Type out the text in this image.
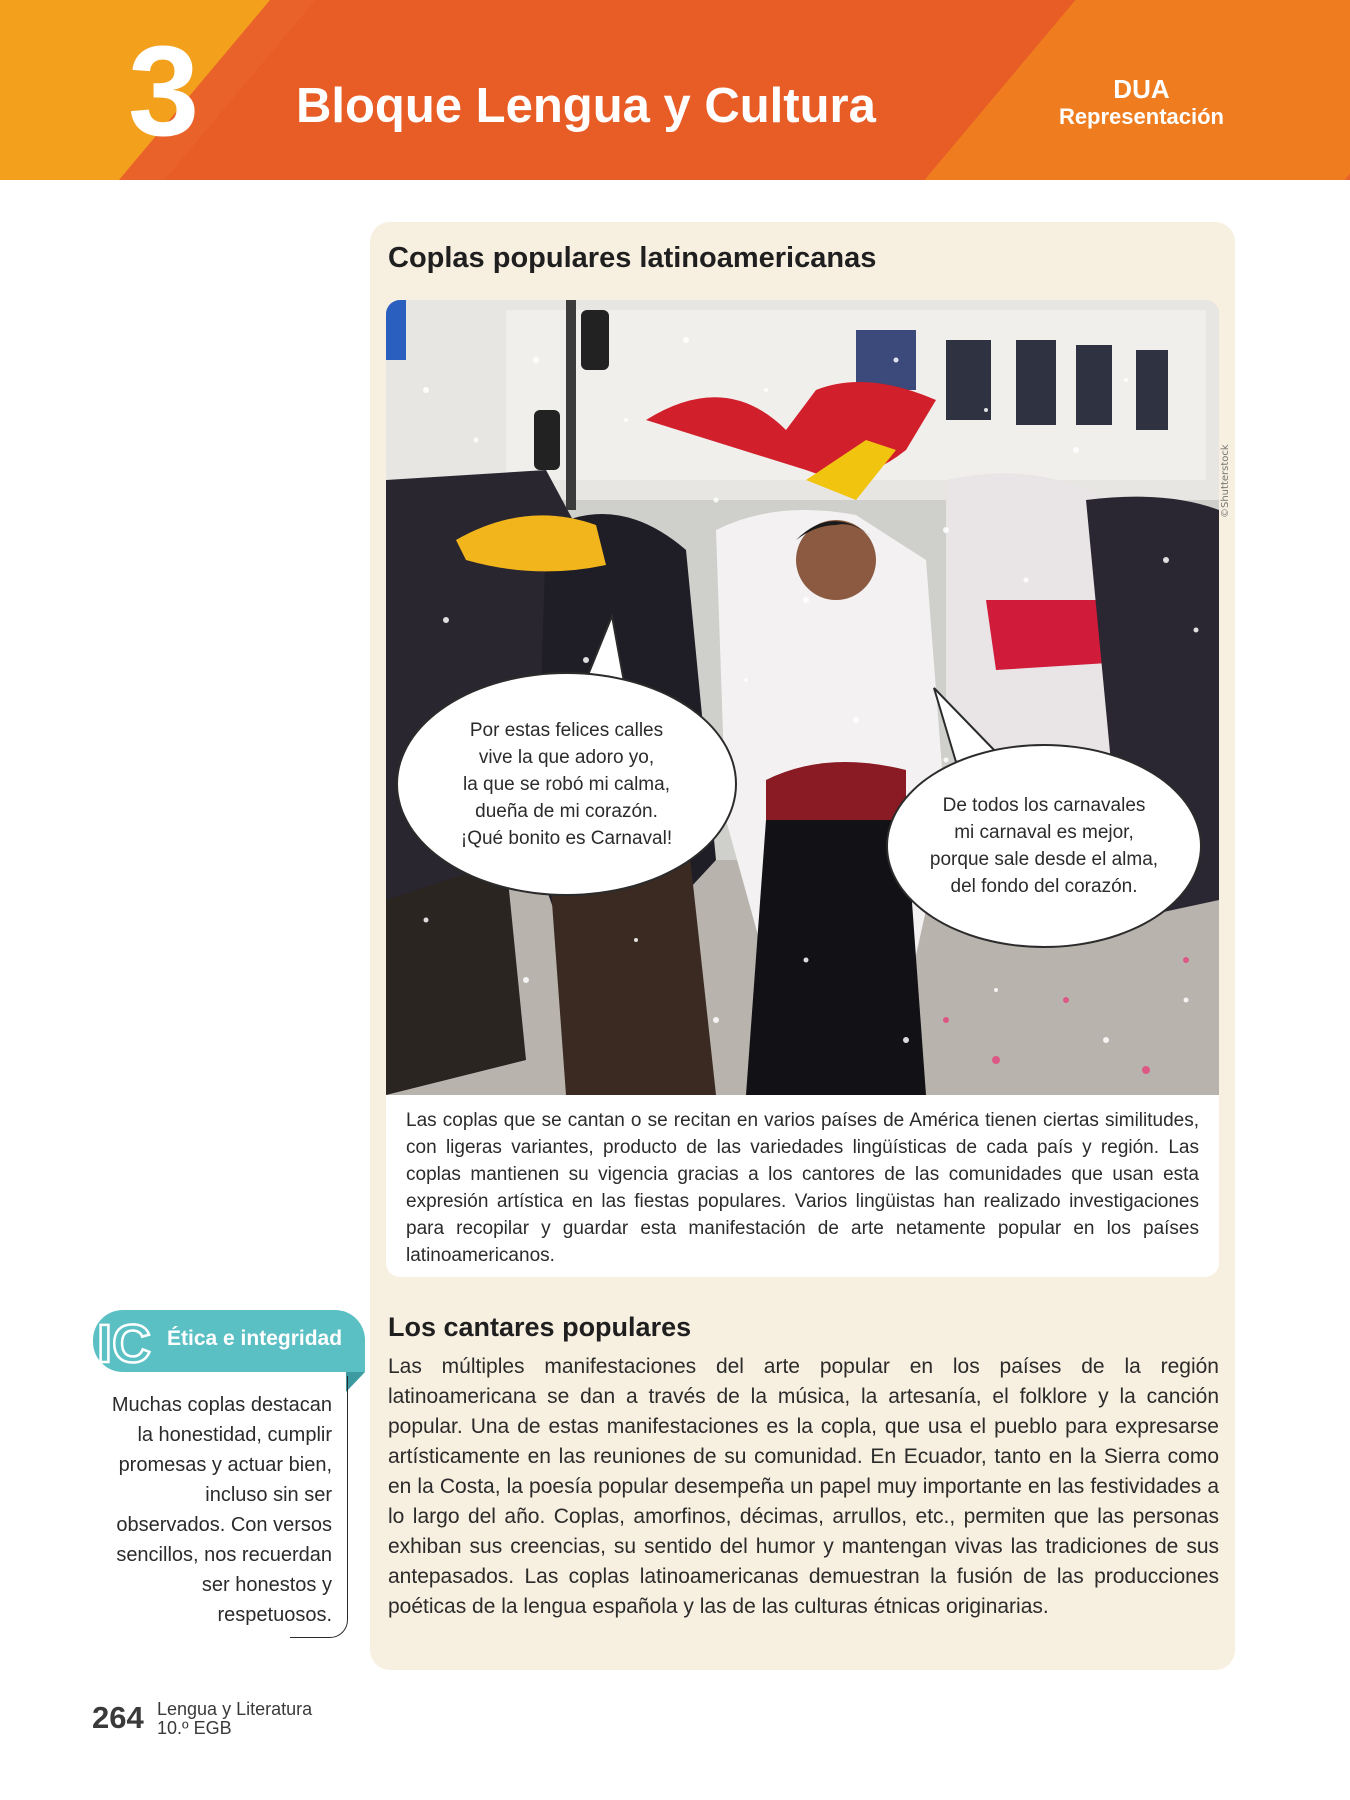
3 Bloque Lengua y Cultura	DUA
Representación
Coplas populares latinoamericanas
©Shutterstock
Por estas felices calles
vive la que adoro yo,
la que se robó mi calma,
dueña de mi corazón.
¡Qué bonito es Carnaval!
De todos los carnavales
mi carnaval es mejor,
porque sale desde el alma,
del fondo del corazón.
Las coplas que se cantan o se recitan en varios países de América tienen ciertas similitudes, con ligeras variantes, producto de las variedades lingüísticas de cada país y región. Las coplas mantienen su vigencia gracias a los cantores de las comunidades que usan esta expresión artística en las fiestas populares. Varios lingüistas han realizado investigaciones para recopilar y guardar esta manifestación de arte netamente popular en los países latinoamericanos.
Los cantares populares
Las múltiples manifestaciones del arte popular en los países de la región latinoamericana se dan a través de la música, la artesanía, el folklore y la canción popular. Una de estas manifestaciones es la copla, que usa el pueblo para expresarse artísticamente en las reuniones de su comunidad. En Ecuador, tanto en la Sierra como en la Costa, la poesía popular desempeña un papel muy importante en las festividades a lo largo del año. Coplas, amorfinos, décimas, arrullos, etc., permiten que las personas exhiban sus creencias, su sentido del humor y mantengan vivas las tradiciones de sus antepasados. Las coplas latinoamericanas demuestran la fusión de las producciones poéticas de la lengua española y las de las culturas étnicas originarias.
IC Ética e integridad
Muchas coplas destacan la honestidad, cumplir promesas y actuar bien, incluso sin ser observados. Con versos sencillos, nos recuerdan ser honestos y respetuosos.
264 Lengua y Literatura
10.º EGB
